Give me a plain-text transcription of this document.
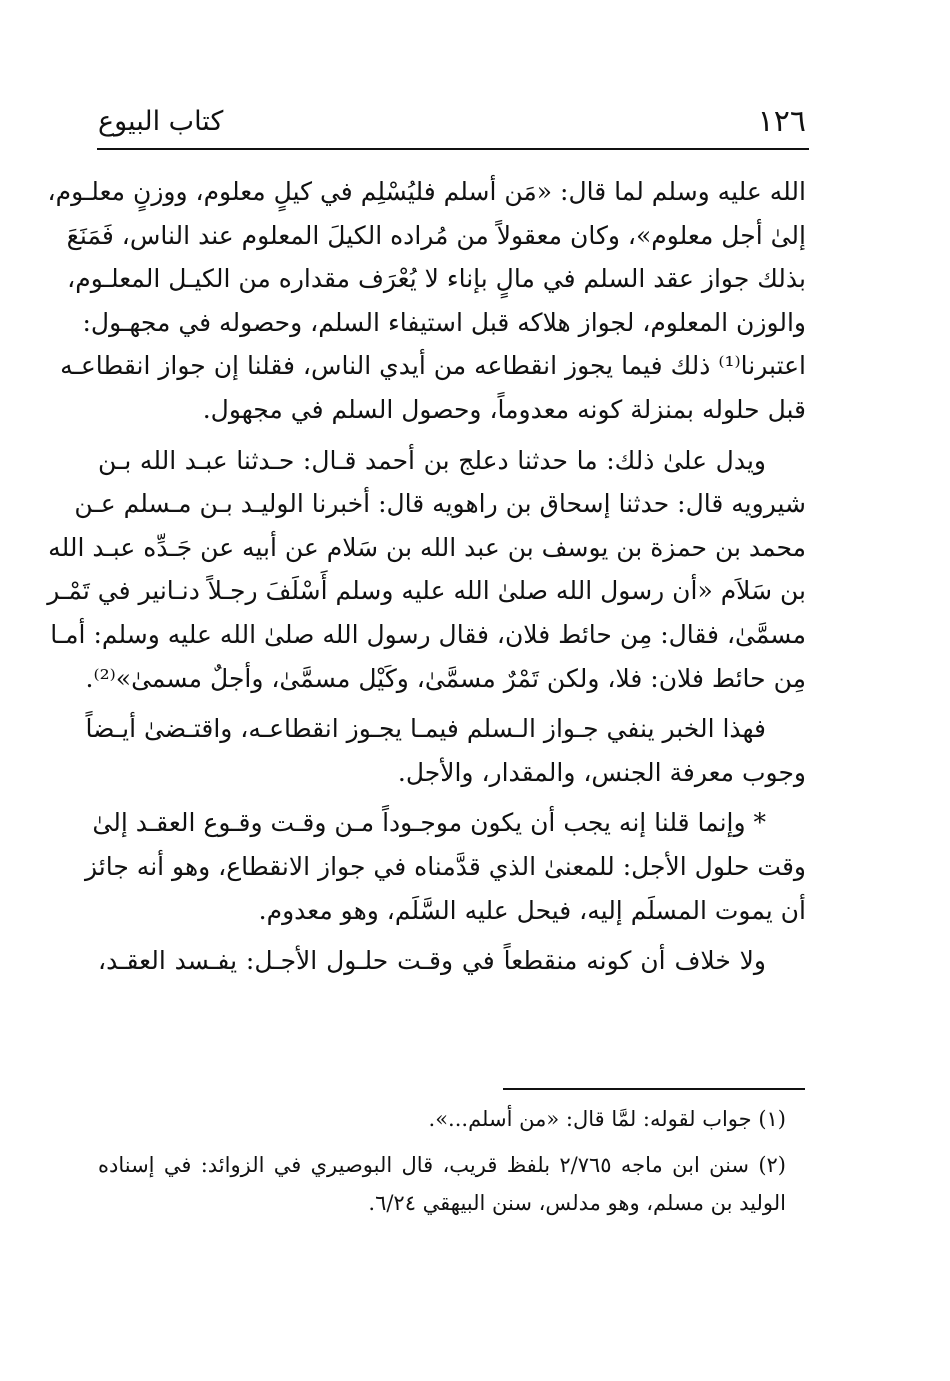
١٢٦
كتاب البيوع

الله عليه وسلم لما قال: «مَن أسلم فليُسْلِم في كيلٍ معلوم، ووزنٍ معلـوم،
إلىٰ أجل معلوم»، وكان معقولاً من مُراده الكيلَ المعلوم عند الناس، فَمَنَعَ
بذلك جواز عقد السلم في مالٍ بإناء لا يُعْرَف مقداره من الكيـل المعلـوم،
والوزن المعلوم، لجواز هلاكه قبل استيفاء السلم، وحصوله في مجهـول:
اعتبرنا⁽¹⁾ ذلك فيما يجوز انقطاعه من أيدي الناس، فقلنا إن جواز انقطاعـه
قبل حلوله بمنزلة كونه معدوماً، وحصول السلم في مجهول.

ويدل علىٰ ذلك: ما حدثنا دعلج بن أحمد قـال: حـدثنا عبـد الله بـن
شيرويه قال: حدثنا إسحاق بن راهويه قال: أخبرنا الوليـد بـن مـسلم عـن
محمد بن حمزة بن يوسف بن عبد الله بن سَلام عن أبيه عن جَـدِّه عبـد الله
بن سَلاَم «أن رسول الله صلىٰ الله عليه وسلم أَسْلَفَ رجـلاً دنـانير في تَمْـر
مسمَّىٰ، فقال: مِن حائط فلان، فقال رسول الله صلىٰ الله عليه وسلم: أمـا
مِن حائط فلان: فلا، ولكن تَمْرٌ مسمَّىٰ، وكَيْل مسمَّىٰ، وأجلٌ مسمىٰ»⁽²⁾.

فهذا الخبر ينفي جـواز الـسلم فيمـا يجـوز انقطاعـه، واقتـضىٰ أيـضاً
وجوب معرفة الجنس، والمقدار، والأجل.

* وإنما قلنا إنه يجب أن يكون موجـوداً مـن وقـت وقـوع العقـد إلىٰ
وقت حلول الأجل: للمعنىٰ الذي قدَّمناه في جواز الانقطاع، وهو أنه جائز
أن يموت المسلَم إليه، فيحل عليه السَّلَم، وهو معدوم.

ولا خلاف أن كونه منقطعاً في وقـت حلـول الأجـل: يفـسد العقـد،

(١) جواب لقوله: لمَّا قال: «من أسلم...».
(٢) سنن ابن ماجه ٢/٧٦٥ بلفظ قريب، قال البوصيري في الزوائد: في إسناده
الوليد بن مسلم، وهو مدلس، سنن البيهقي ٦/٢٤.
